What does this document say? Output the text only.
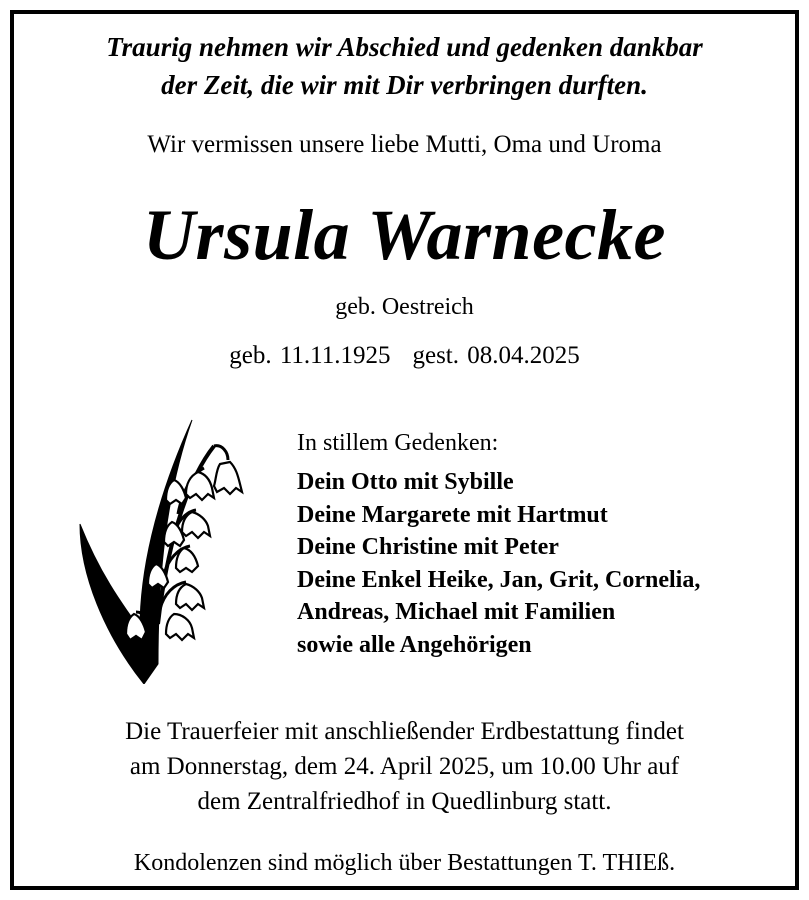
Traurig nehmen wir Abschied und gedenken dankbar
der Zeit, die wir mit Dir verbringen durften.
Wir vermissen unsere liebe Mutti, Oma und Uroma
Ursula Warnecke
geb. Oestreich
geb. 11.11.1925 gest. 08.04.2025
In stillem Gedenken:
Dein Otto mit Sybille
Deine Margarete mit Hartmut
Deine Christine mit Peter
Deine Enkel Heike, Jan, Grit, Cornelia,
Andreas, Michael mit Familien
sowie alle Angehörigen
Die Trauerfeier mit anschließender Erdbestattung findet
am Donnerstag, dem 24. April 2025, um 10.00 Uhr auf
dem Zentralfriedhof in Quedlinburg statt.
Kondolenzen sind möglich über Bestattungen T. THIEß.
